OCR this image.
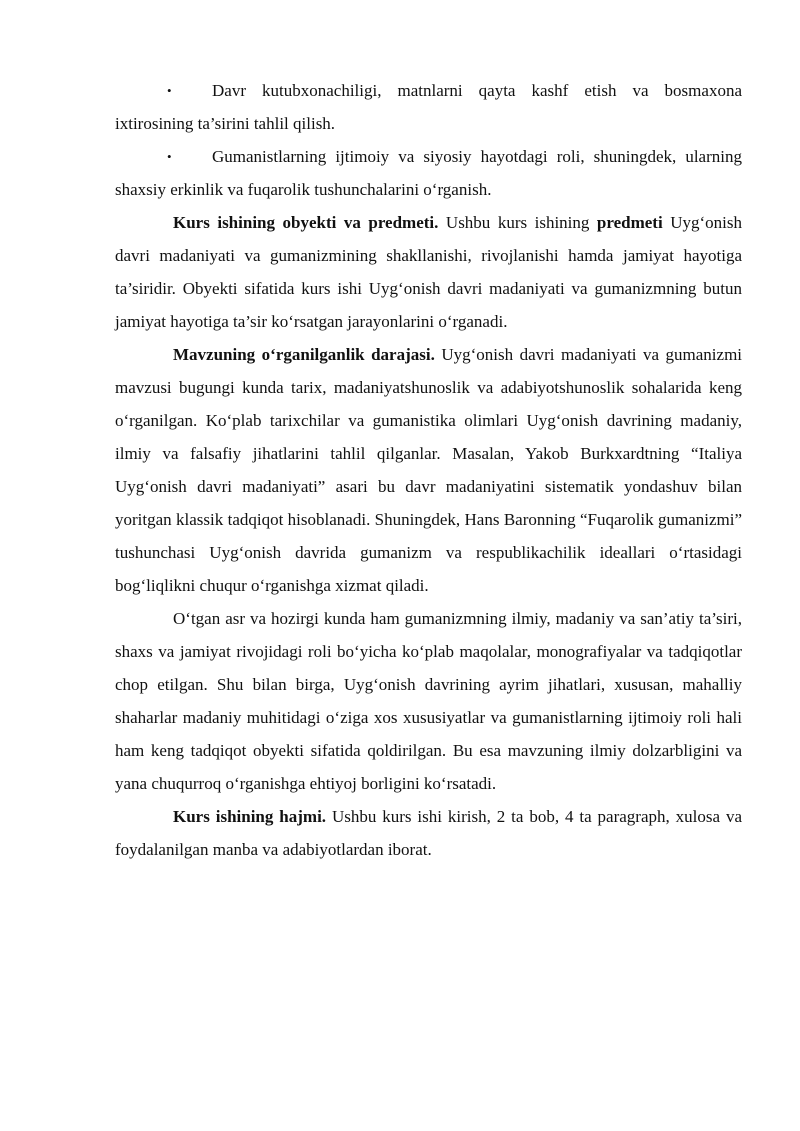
• Davr kutubxonachiligi, matnlarni qayta kashf etish va bosmaxona ixtirosining ta’sirini tahlil qilish.
• Gumanistlarning ijtimoiy va siyosiy hayotdagi roli, shuningdek, ularning shaxsiy erkinlik va fuqarolik tushunchalarini o‘rganish.

Kurs ishining obyekti va predmeti. Ushbu kurs ishining predmeti Uyg‘onish davri madaniyati va gumanizmining shakllanishi, rivojlanishi hamda jamiyat hayotiga ta’siridir. Obyekti sifatida kurs ishi Uyg‘onish davri madaniyati va gumanizmning butun jamiyat hayotiga ta’sir ko‘rsatgan jarayonlarini o‘rganadi.

Mavzuning o‘rganilganlik darajasi. Uyg‘onish davri madaniyati va gumanizmi mavzusi bugungi kunda tarix, madaniyatshunoslik va adabiyotshunoslik sohalarida keng o‘rganilgan. Ko‘plab tarixchilar va gumanistika olimlari Uyg‘onish davrining madaniy, ilmiy va falsafiy jihatlarini tahlil qilganlar. Masalan, Yakob Burkxardtning “Italiya Uyg‘onish davri madaniyati” asari bu davr madaniyatini sistematik yondashuv bilan yoritgan klassik tadqiqot hisoblanadi. Shuningdek, Hans Baronning “Fuqarolik gumanizmi” tushunchasi Uyg‘onish davrida gumanizm va respublikachilik ideallari o‘rtasidagi bog‘liqlikni chuqur o‘rganishga xizmat qiladi.

O‘tgan asr va hozirgi kunda ham gumanizmning ilmiy, madaniy va san’atiy ta’siri, shaxs va jamiyat rivojidagi roli bo‘yicha ko‘plab maqolalar, monografiyalar va tadqiqotlar chop etilgan. Shu bilan birga, Uyg‘onish davrining ayrim jihatlari, xususan, mahalliy shaharlar madaniy muhitidagi o‘ziga xos xususiyatlar va gumanistlarning ijtimoiy roli hali ham keng tadqiqot obyekti sifatida qoldirilgan. Bu esa mavzuning ilmiy dolzarbligini va yana chuqurroq o‘rganishga ehtiyoj borligini ko‘rsatadi.

Kurs ishining hajmi. Ushbu kurs ishi kirish, 2 ta bob, 4 ta paragraph, xulosa va foydalanilgan manba va adabiyotlardan iborat.
